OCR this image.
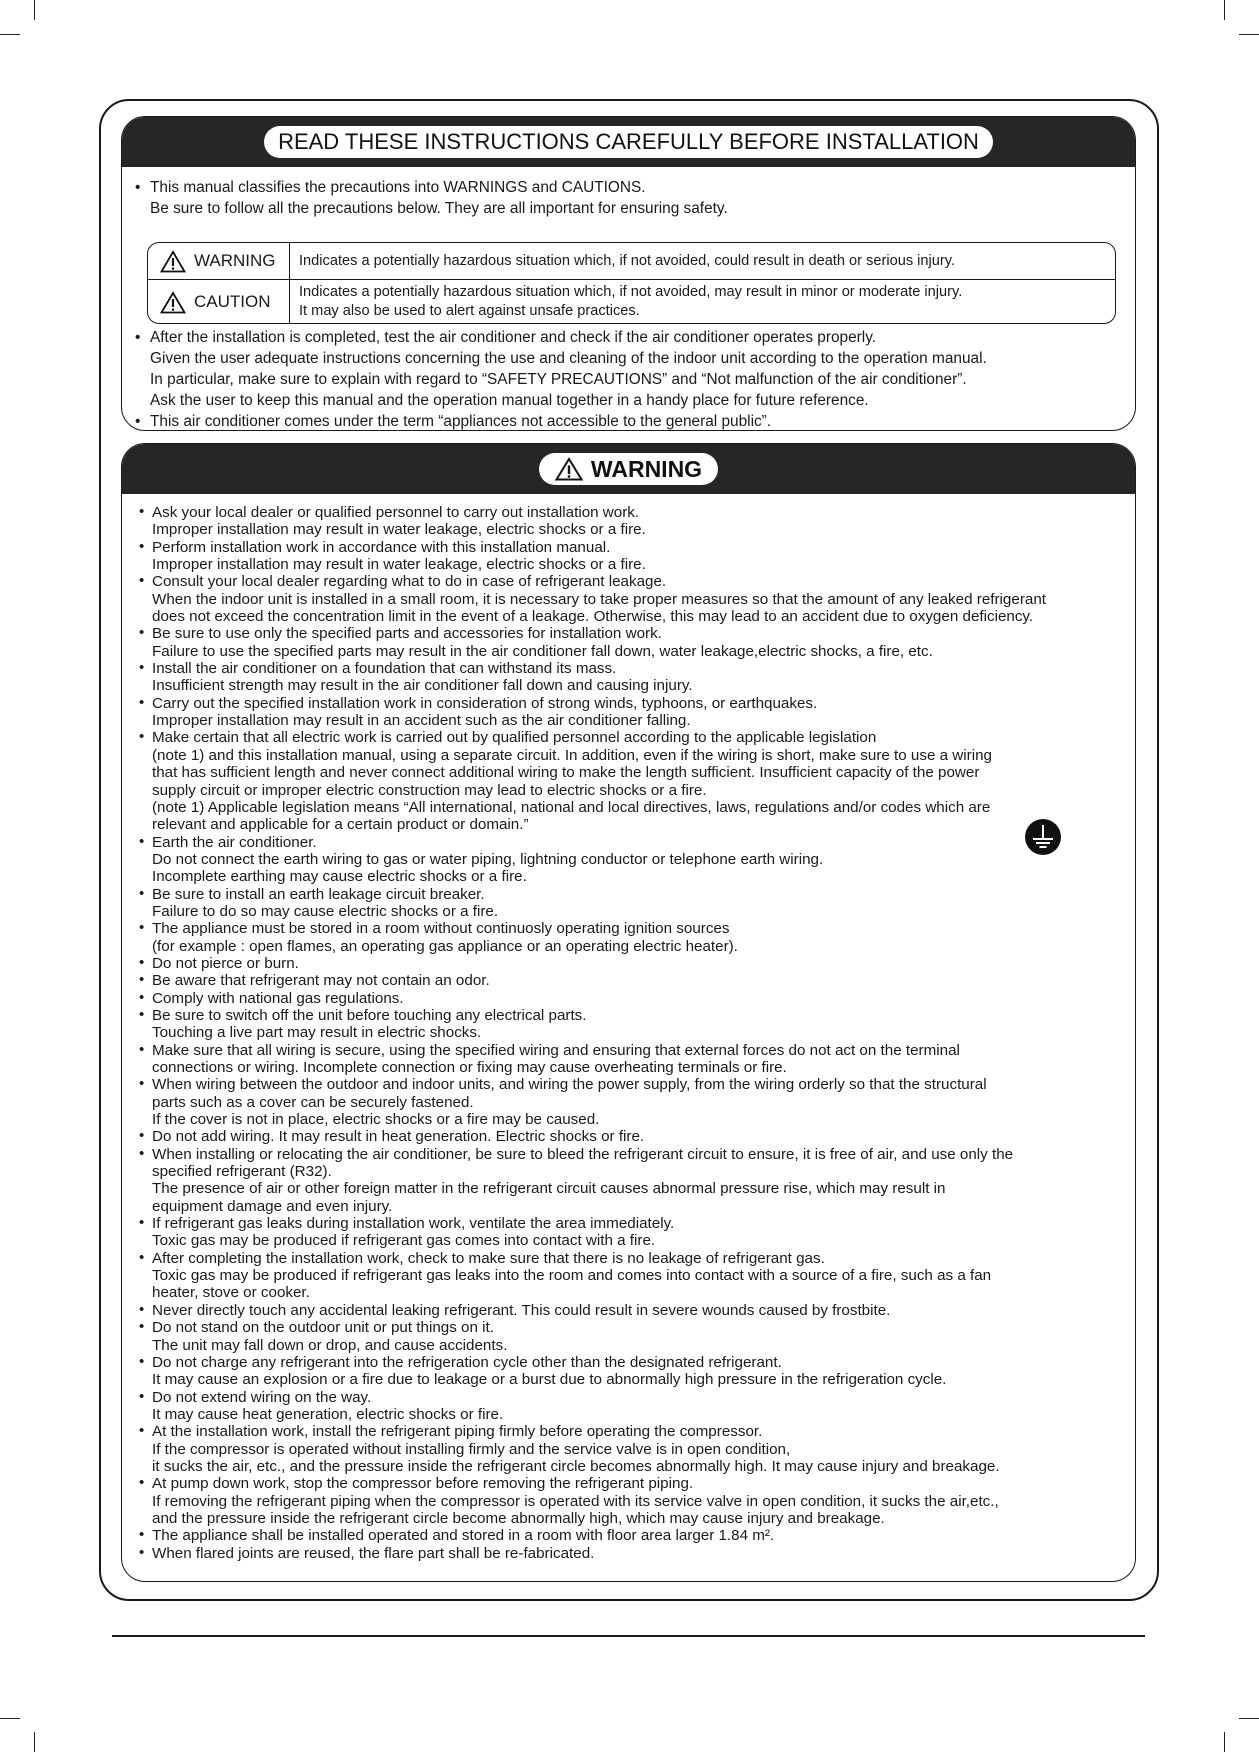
READ THESE INSTRUCTIONS CAREFULLY BEFORE INSTALLATION
• This manual classifies the precautions into WARNINGS and CAUTIONS.
Be sure to follow all the precautions below. They are all important for ensuring safety.
WARNING Indicates a potentially hazardous situation which, if not avoided, could result in death or serious injury.
CAUTION Indicates a potentially hazardous situation which, if not avoided, may result in minor or moderate injury.
It may also be used to alert against unsafe practices.
• After the installation is completed, test the air conditioner and check if the air conditioner operates properly.
Given the user adequate instructions concerning the use and cleaning of the indoor unit according to the operation manual.
In particular, make sure to explain with regard to “SAFETY PRECAUTIONS” and “Not malfunction of the air conditioner”.
Ask the user to keep this manual and the operation manual together in a handy place for future reference.
• This air conditioner comes under the term “appliances not accessible to the general public”.
WARNING
• Ask your local dealer or qualified personnel to carry out installation work.
Improper installation may result in water leakage, electric shocks or a fire.
• Perform installation work in accordance with this installation manual.
Improper installation may result in water leakage, electric shocks or a fire.
• Consult your local dealer regarding what to do in case of refrigerant leakage.
When the indoor unit is installed in a small room, it is necessary to take proper measures so that the amount of any leaked refrigerant
does not exceed the concentration limit in the event of a leakage. Otherwise, this may lead to an accident due to oxygen deficiency.
• Be sure to use only the specified parts and accessories for installation work.
Failure to use the specified parts may result in the air conditioner fall down, water leakage,electric shocks, a fire, etc.
• Install the air conditioner on a foundation that can withstand its mass.
Insufficient strength may result in the air conditioner fall down and causing injury.
• Carry out the specified installation work in consideration of strong winds, typhoons, or earthquakes.
Improper installation may result in an accident such as the air conditioner falling.
• Make certain that all electric work is carried out by qualified personnel according to the applicable legislation
(note 1) and this installation manual, using a separate circuit. In addition, even if the wiring is short, make sure to use a wiring
that has sufficient length and never connect additional wiring to make the length sufficient. Insufficient capacity of the power
supply circuit or improper electric construction may lead to electric shocks or a fire.
(note 1) Applicable legislation means “All international, national and local directives, laws, regulations and/or codes which are
relevant and applicable for a certain product or domain.”
• Earth the air conditioner.
Do not connect the earth wiring to gas or water piping, lightning conductor or telephone earth wiring.
Incomplete earthing may cause electric shocks or a fire.
• Be sure to install an earth leakage circuit breaker.
Failure to do so may cause electric shocks or a fire.
• The appliance must be stored in a room without continuosly operating ignition sources
(for example : open flames, an operating gas appliance or an operating electric heater).
• Do not pierce or burn.
• Be aware that refrigerant may not contain an odor.
• Comply with national gas regulations.
• Be sure to switch off the unit before touching any electrical parts.
Touching a live part may result in electric shocks.
• Make sure that all wiring is secure, using the specified wiring and ensuring that external forces do not act on the terminal
connections or wiring. Incomplete connection or fixing may cause overheating terminals or fire.
• When wiring between the outdoor and indoor units, and wiring the power supply, from the wiring orderly so that the structural
parts such as a cover can be securely fastened.
If the cover is not in place, electric shocks or a fire may be caused.
• Do not add wiring. It may result in heat generation. Electric shocks or fire.
• When installing or relocating the air conditioner, be sure to bleed the refrigerant circuit to ensure, it is free of air, and use only the
specified refrigerant (R32).
The presence of air or other foreign matter in the refrigerant circuit causes abnormal pressure rise, which may result in
equipment damage and even injury.
• If refrigerant gas leaks during installation work, ventilate the area immediately.
Toxic gas may be produced if refrigerant gas comes into contact with a fire.
• After completing the installation work, check to make sure that there is no leakage of refrigerant gas.
Toxic gas may be produced if refrigerant gas leaks into the room and comes into contact with a source of a fire, such as a fan
heater, stove or cooker.
• Never directly touch any accidental leaking refrigerant. This could result in severe wounds caused by frostbite.
• Do not stand on the outdoor unit or put things on it.
The unit may fall down or drop, and cause accidents.
• Do not charge any refrigerant into the refrigeration cycle other than the designated refrigerant.
It may cause an explosion or a fire due to leakage or a burst due to abnormally high pressure in the refrigeration cycle.
• Do not extend wiring on the way.
It may cause heat generation, electric shocks or fire.
• At the installation work, install the refrigerant piping firmly before operating the compressor.
If the compressor is operated without installing firmly and the service valve is in open condition,
it sucks the air, etc., and the pressure inside the refrigerant circle becomes abnormally high. It may cause injury and breakage.
• At pump down work, stop the compressor before removing the refrigerant piping.
If removing the refrigerant piping when the compressor is operated with its service valve in open condition, it sucks the air,etc.,
and the pressure inside the refrigerant circle become abnormally high, which may cause injury and breakage.
• The appliance shall be installed operated and stored in a room with floor area larger 1.84 m².
• When flared joints are reused, the flare part shall be re-fabricated.
